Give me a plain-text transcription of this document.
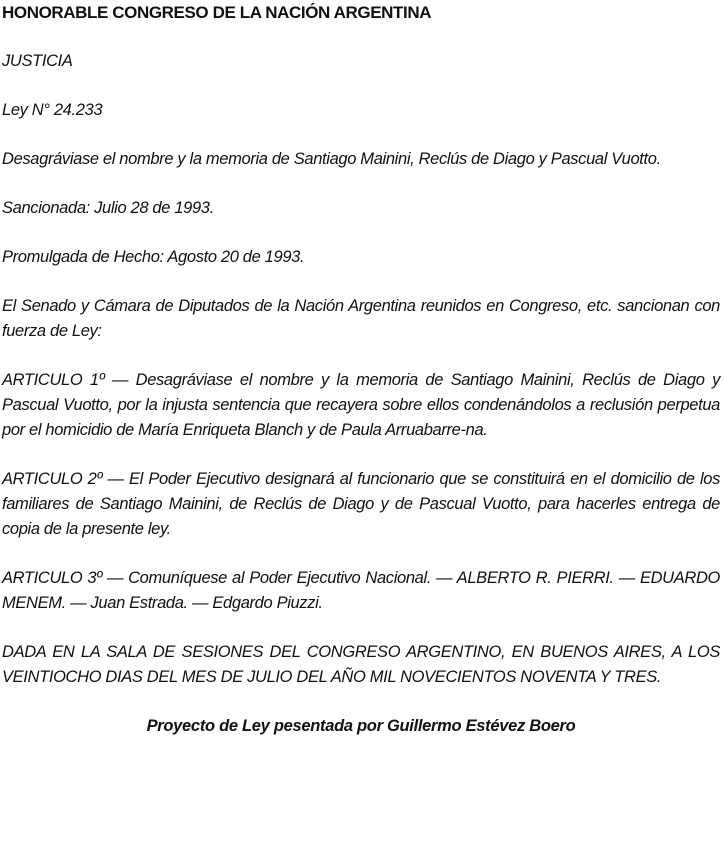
HONORABLE CONGRESO DE LA NACIÓN ARGENTINA

JUSTICIA

Ley N° 24.233

Desagráviase el nombre y la memoria de Santiago Mainini, Reclús de Diago y Pascual Vuotto.

Sancionada: Julio 28 de 1993.

Promulgada de Hecho: Agosto 20 de 1993.

El Senado y Cámara de Diputados de la Nación Argentina reunidos en Congreso, etc. sancionan con fuerza de Ley:

ARTICULO 1º — Desagráviase el nombre y la memoria de Santiago Mainini, Reclús de Diago y Pascual Vuotto, por la injusta sentencia que recayera sobre ellos condenándolos a reclusión perpetua por el homicidio de María Enriqueta Blanch y de Paula Arruabarre-na.

ARTICULO 2º — El Poder Ejecutivo designará al funcionario que se constituirá en el domicilio de los familiares de Santiago Mainini, de Reclús de Diago y de Pascual Vuotto, para hacerles entrega de copia de la presente ley.

ARTICULO 3º — Comuníquese al Poder Ejecutivo Nacional. — ALBERTO R. PIERRI. — EDUARDO MENEM. — Juan Estrada. — Edgardo Piuzzi.

DADA EN LA SALA DE SESIONES DEL CONGRESO ARGENTINO, EN BUENOS AIRES, A LOS VEINTIOCHO DIAS DEL MES DE JULIO DEL AÑO MIL NOVECIENTOS NOVENTA Y TRES.

Proyecto de Ley pesentada por Guillermo Estévez Boero
